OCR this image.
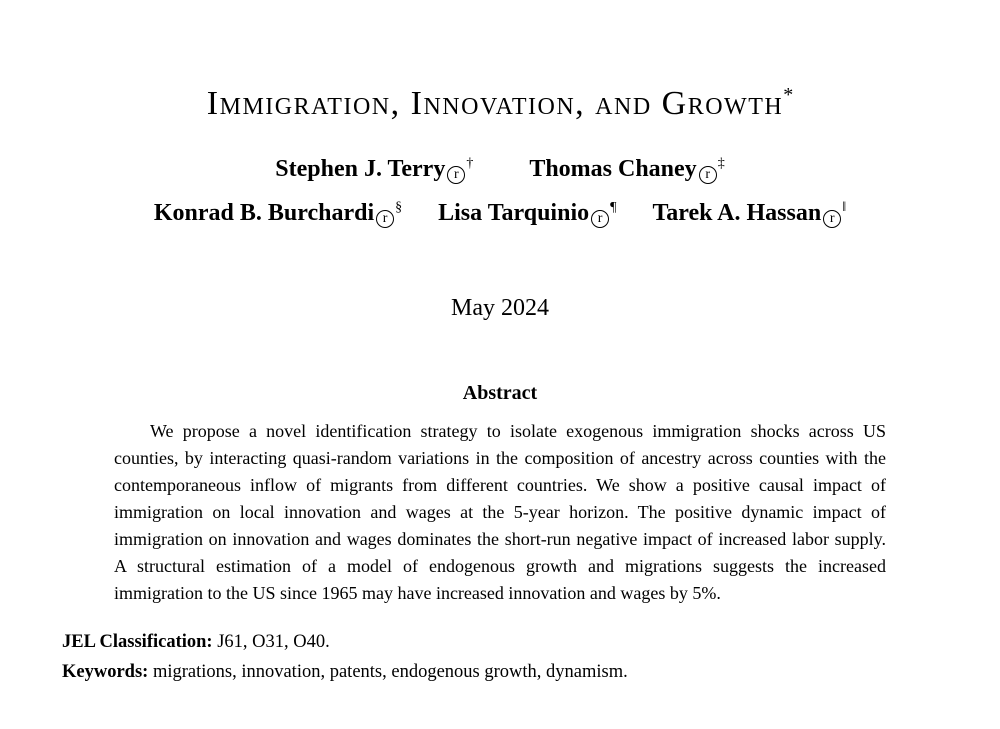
Immigration, Innovation, and Growth*
Stephen J. Terry r
† Thomas Chaney r
‡
Konrad B. Burchardi r
§ Lisa Tarquinio r
¶ Tarek A. Hassan r
‖
May 2024
Abstract

We propose a novel identification strategy to isolate exogenous immigration shocks across US counties, by interacting quasi-random variations in the composition of ancestry across counties with the contemporaneous inflow of migrants from different countries. We show a positive causal impact of immigration on local innovation and wages at the 5-year horizon. The positive dynamic impact of immigration on innovation and wages dominates the short-run negative impact of increased labor supply. A structural estimation of a model of endogenous growth and migrations suggests the increased immigration to the US since 1965 may have increased innovation and wages by 5%.

JEL Classification: J61, O31, O40.
Keywords: migrations, innovation, patents, endogenous growth, dynamism.
